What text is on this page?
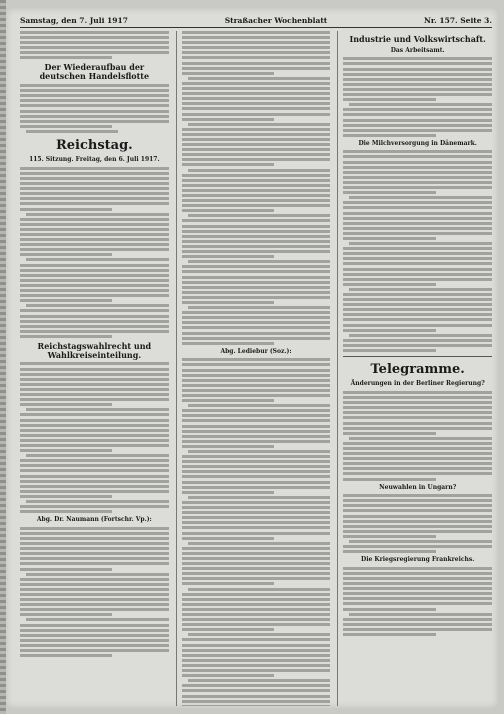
Samstag, den 7. Juli 1917	Straßacher Wochenblatt	Nr. 157. Seite 3.
Der Wiederaufbau der deutschen Handelsflotte
Reichstag.
115. Sitzung. Freitag, den 6. Juli 1917.
Reichstagswahlrecht und Wahlkreiseinteilung.
Abg. Dr. Naumann (Fortschr. Vp.):
Abg. Lediebur (Soz.):
Industrie und Volkswirtschaft.
Das Arbeitsamt.
Die Milchversorgung in Dänemark.
Telegramme.
Änderungen in der Berliner Regierung?
Neuwahlen in Ungarn?
Die Kriegsregierung Frankreichs.
